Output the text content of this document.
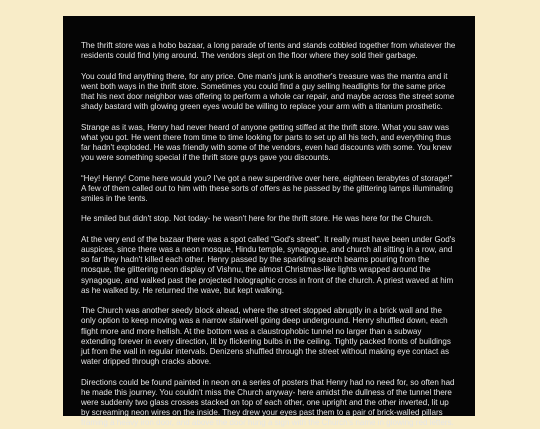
The thrift store was a hobo bazaar, a long parade of tents and stands cobbled together from whatever the residents could find lying around. The vendors slept on the floor where they sold their garbage.

You could find anything there, for any price. One man's junk is another's treasure was the mantra and it went both ways in the thrift store. Sometimes you could find a guy selling headlights for the same price that his next door neighbor was offering to perform a whole car repair, and maybe across the street some shady bastard with glowing green eyes would be willing to replace your arm with a titanium prosthetic.

Strange as it was, Henry had never heard of anyone getting stiffed at the thrift store. What you saw was what you got. He went there from time to time looking for parts to set up all his tech, and everything thus far hadn't exploded. He was friendly with some of the vendors, even had discounts with some. You knew you were something special if the thrift store guys gave you discounts.

“Hey! Henry! Come here would you? I've got a new superdrive over here, eighteen terabytes of storage!” A few of them called out to him with these sorts of offers as he passed by the glittering lamps illuminating smiles in the tents.

He smiled but didn't stop. Not today- he wasn't here for the thrift store. He was here for the Church.

At the very end of the bazaar there was a spot called “God's street”. It really must have been under God's auspices, since there was a neon mosque, Hindu temple, synagogue, and church all sitting in a row, and so far they hadn't killed each other. Henry passed by the sparkling search beams pouring from the mosque, the glittering neon display of Vishnu, the almost Christmas-like lights wrapped around the synagogue, and walked past the projected holographic cross in front of the church. A priest waved at him as he walked by. He returned the wave, but kept walking.

The Church was another seedy block ahead, where the street stopped abruptly in a brick wall and the only option to keep moving was a narrow stairwell going deep underground. Henry shuffled down, each flight more and more hellish. At the bottom was a claustrophobic tunnel no larger than a subway extending forever in every direction, lit by flickering bulbs in the ceiling. Tightly packed fronts of buildings jut from the wall in regular intervals. Denizens shuffled through the street without making eye contact as water dripped through cracks above.

Directions could be found painted in neon on a series of posters that Henry had no need for, so often had he made this journey. You couldn't miss the Church anyway- here amidst the dullness of the tunnel there were suddenly two glass crosses stacked on top of each other, one upright and the other inverted, lit up by screaming neon wires on the inside. They drew your eyes past them to a pair of brick-walled pillars framing a heavy iron door, and above the door hung a sign with the Church's name in glowing red letters.
